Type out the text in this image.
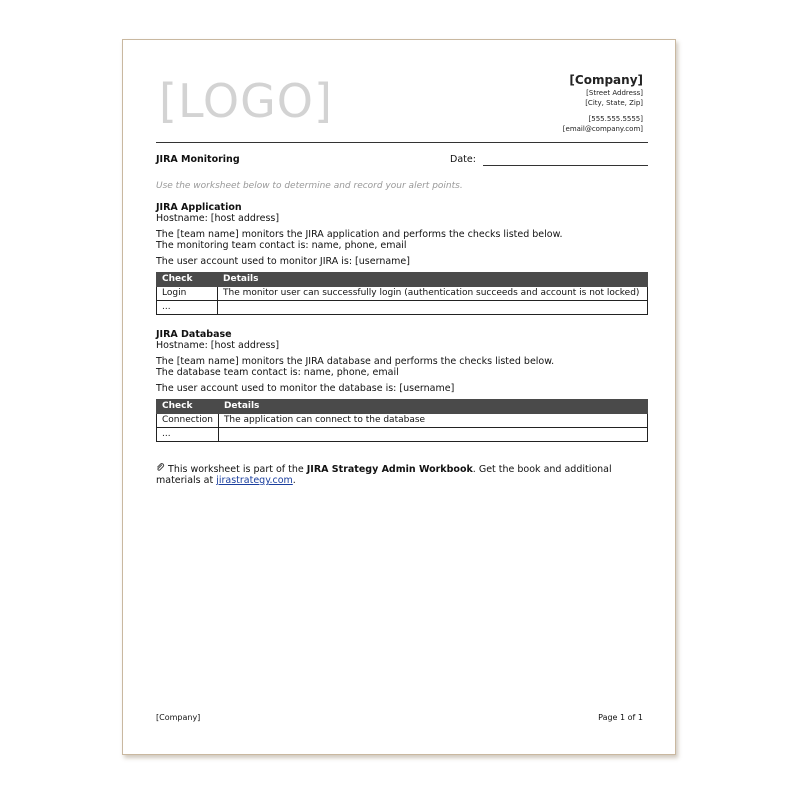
[LOGO]	[Company]
[Street Address]
[City, State, Zip]
[555.555.5555]
[email@company.com]
JIRA Monitoring	Date:
Use the worksheet below to determine and record your alert points.

JIRA Application

Hostname: [host address]

The [team name] monitors the JIRA application and performs the checks listed below.

The monitoring team contact is: name, phone, email

The user account used to monitor JIRA is: [username]

Check	Details
Login	The monitor user can successfully login (authentication succeeds and account is not locked)
...	

JIRA Database

Hostname: [host address]

The [team name] monitors the JIRA database and performs the checks listed below.

The database team contact is: name, phone, email

The user account used to monitor the database is: [username]

Check	Details
Connection	The application can connect to the database
...	
This worksheet is part of the JIRA Strategy Admin Workbook. Get the book and additional materials at jirastrategy.com.
[Company]	Page 1 of 1
